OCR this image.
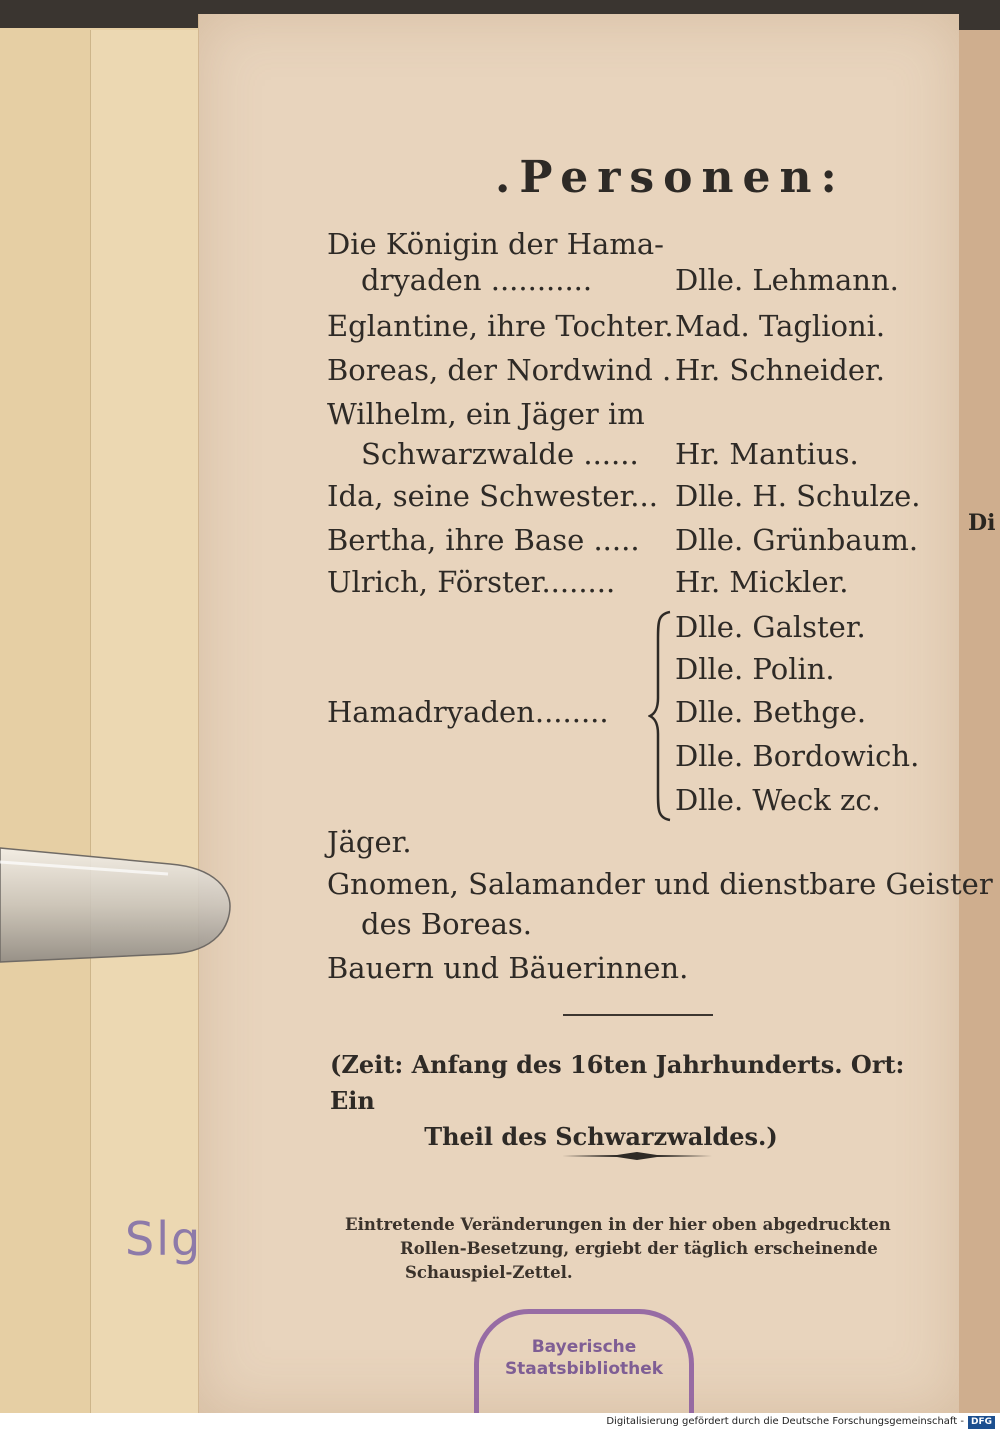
Di
.Personen:
Die Königin der Hama-
dryaden ...........	Dlle. Lehmann.
Eglantine, ihre Tochter. Mad. Taglioni.
Boreas, der Nordwind . Hr. Schneider.
Wilhelm, ein Jäger im
Schwarzwalde ...... Hr. Mantius.
Ida, seine Schwester... Dlle. H. Schulze.
Bertha, ihre Base ..... Dlle. Grünbaum.
Ulrich, Förster........ Hr. Mickler.
Hamadryaden........
Dlle. Galster.
Dlle. Polin.
Dlle. Bethge.
Dlle. Bordowich.
Dlle. Weck zc.
Jäger.
Gnomen, Salamander und dienstbare Geister
des Boreas.
Bauern und Bäuerinnen.
(Zeit: Anfang des 16ten Jahrhunderts. Ort: Ein
Theil des Schwarzwaldes.)
Eintretende Veränderungen in der hier oben abgedruckten
Rollen-Besetzung, ergiebt der täglich erscheinende
Schauspiel-Zettel.
Slg
Bayerische
Staatsbibliothek
Digitalisierung gefördert durch die Deutsche Forschungsgemeinschaft - DFG
